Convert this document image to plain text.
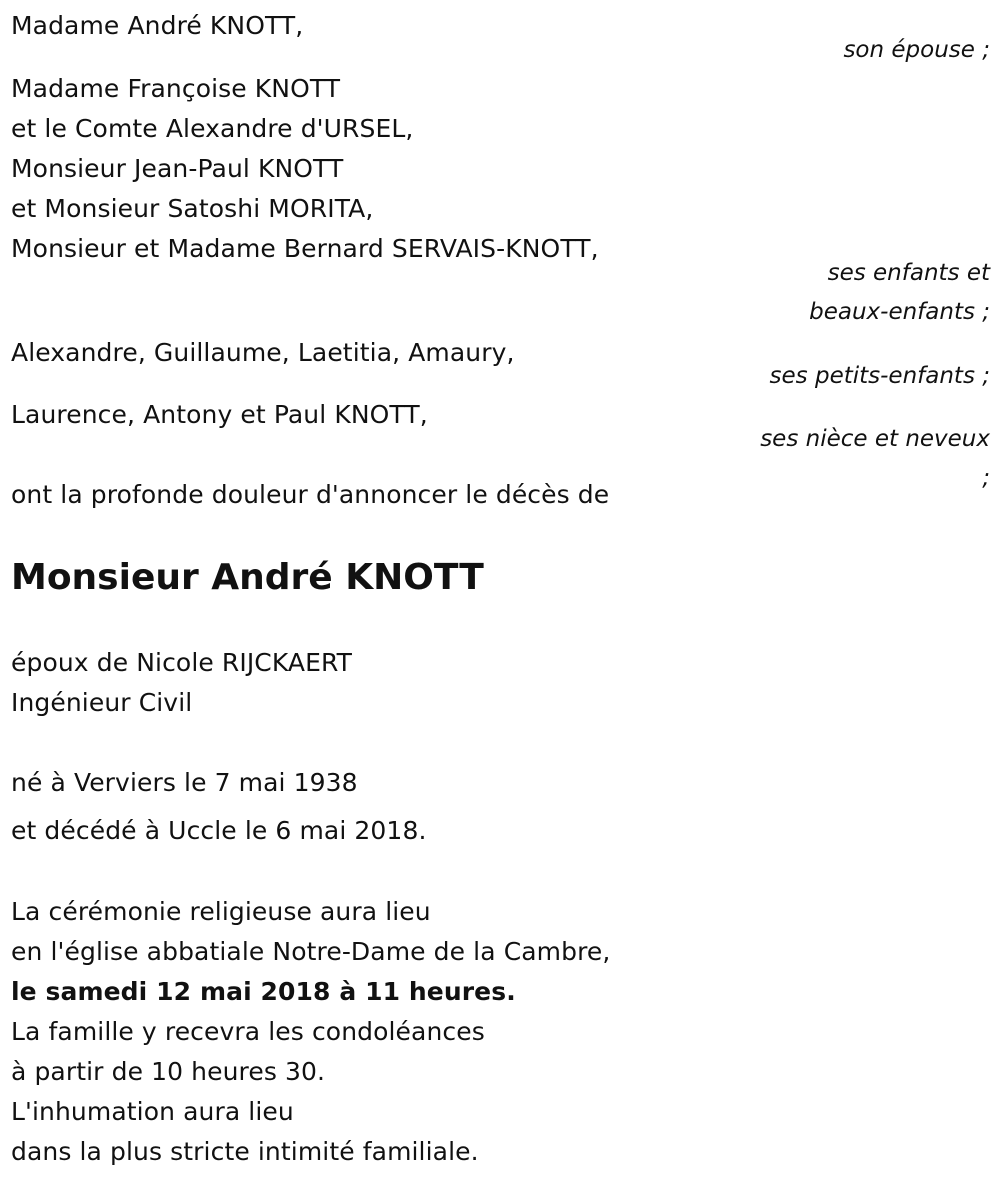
Madame André KNOTT,
son épouse ;
Madame Françoise KNOTT
et le Comte Alexandre d'URSEL,
Monsieur Jean-Paul KNOTT
et Monsieur Satoshi MORITA,
Monsieur et Madame Bernard SERVAIS-KNOTT,
ses enfants et
beaux-enfants ;
Alexandre, Guillaume, Laetitia, Amaury,
ses petits-enfants ;
Laurence, Antony et Paul KNOTT,
ses nièce et neveux
;
ont la profonde douleur d'annoncer le décès de
Monsieur André KNOTT
époux de Nicole RIJCKAERT
Ingénieur Civil
né à Verviers le 7 mai 1938
et décédé à Uccle le 6 mai 2018.
La cérémonie religieuse aura lieu
en l'église abbatiale Notre-Dame de la Cambre,
le samedi 12 mai 2018 à 11 heures.
La famille y recevra les condoléances
à partir de 10 heures 30.
L'inhumation aura lieu
dans la plus stricte intimité familiale.
